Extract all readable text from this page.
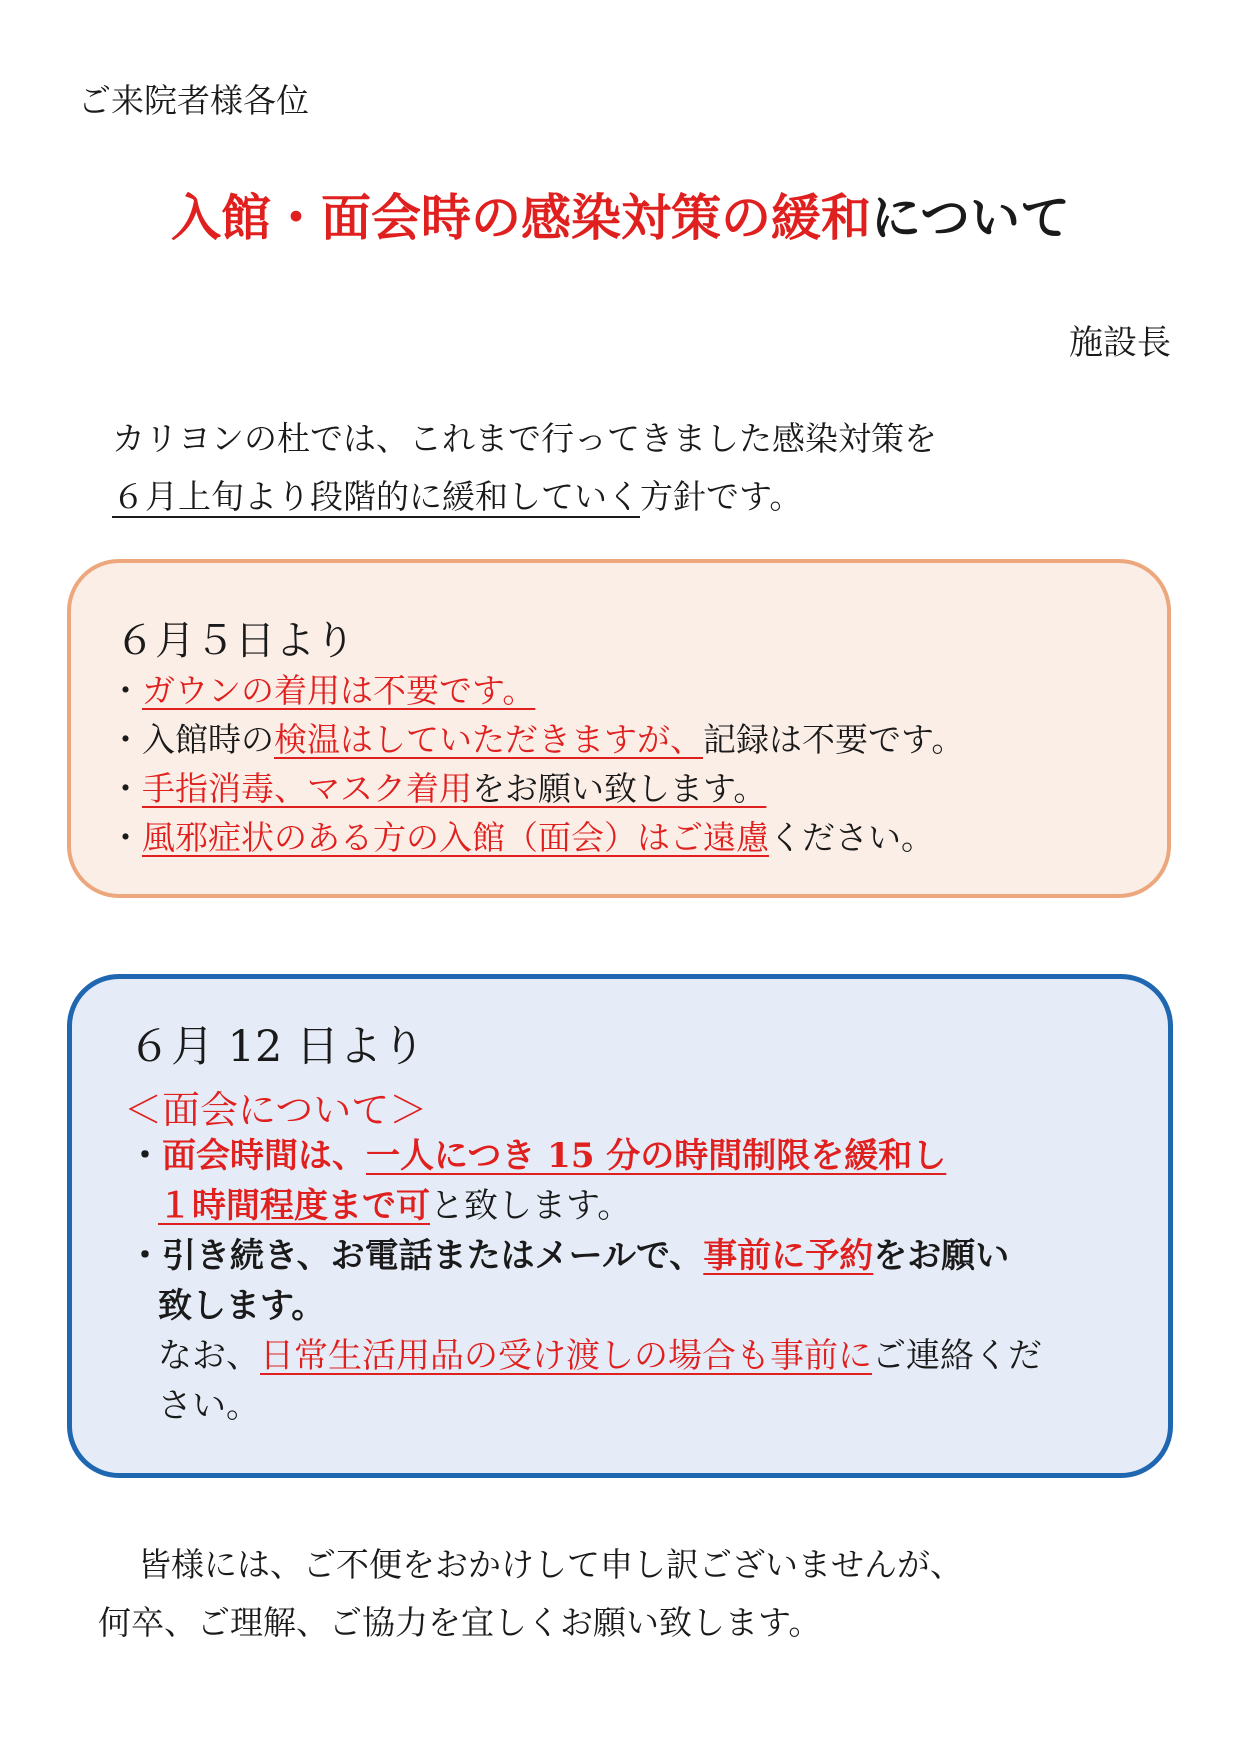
ご来院者様各位
入館・面会時の感染対策の緩和について
施設長
カリヨンの杜では、これまで行ってきました感染対策を
６月上旬より段階的に緩和していく方針です。
６月５日より
・ガウンの着用は不要です。
・入館時の検温はしていただきますが、記録は不要です。
・手指消毒、マスク着用をお願い致します。
・風邪症状のある方の入館（面会）はご遠慮ください。
６月 12 日より
＜面会について＞
・面会時間は、一人につき 15 分の時間制限を緩和し
１時間程度まで可と致します。
・引き続き、お電話またはメールで、事前に予約をお願い
致します。
なお、日常生活用品の受け渡しの場合も事前にご連絡くだ
さい。
皆様には、ご不便をおかけして申し訳ございませんが、
何卒、ご理解、ご協力を宜しくお願い致します。
